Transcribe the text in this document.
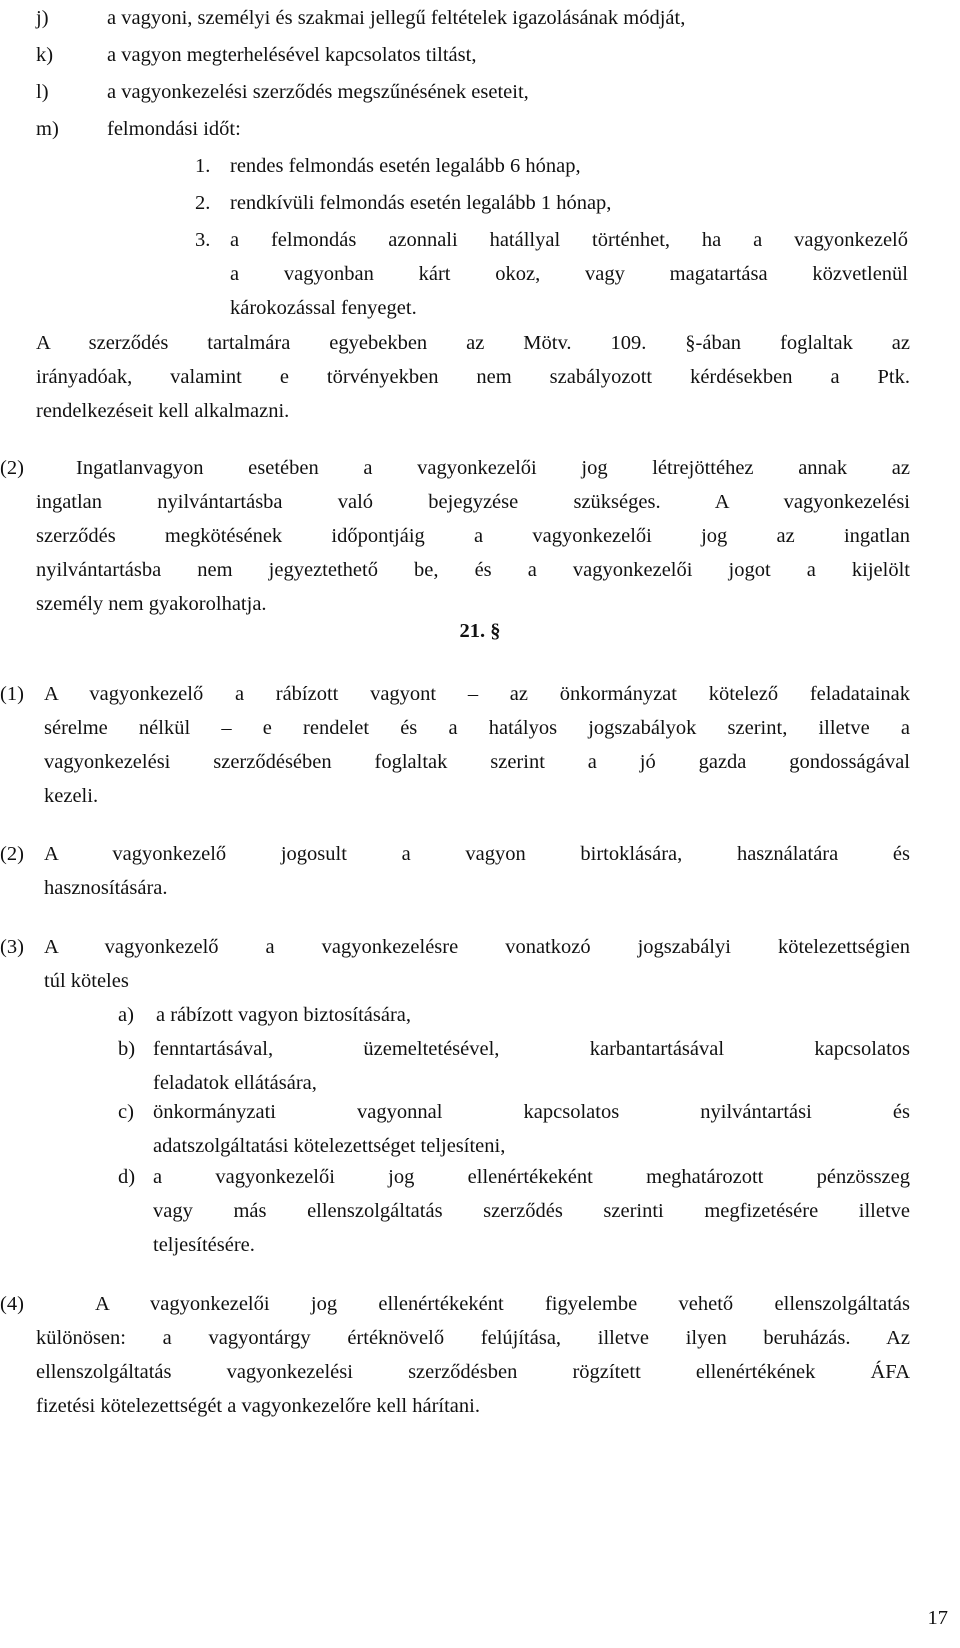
j)	a vagyoni, személyi és szakmai jellegű feltételek igazolásának módját,
k)	a vagyon megterhelésével kapcsolatos tiltást,
l)	a vagyonkezelési szerződés megszűnésének eseteit,
m) felmondási időt:
1. rendes felmondás esetén legalább 6 hónap,
2. rendkívüli felmondás esetén legalább 1 hónap,
3. a felmondás azonnali hatállyal történhet, ha a vagyonkezelő
a vagyonban kárt okoz, vagy magatartása közvetlenül
károkozással fenyeget.
A szerződés tartalmára egyebekben az Mötv. 109. §-ában foglaltak az
irányadóak, valamint e törvényekben nem szabályozott kérdésekben a Ptk.
rendelkezéseit kell alkalmazni.
(2)	Ingatlanvagyon esetében a vagyonkezelői jog létrejöttéhez annak az
ingatlan nyilvántartásba való bejegyzése szükséges. A vagyonkezelési
szerződés megkötésének időpontjáig a vagyonkezelői jog az ingatlan
nyilvántartásba nem jegyeztethető be, és a vagyonkezelői jogot a kijelölt
személy nem gyakorolhatja.
21. §
(1) A vagyonkezelő a rábízott vagyont – az önkormányzat kötelező feladatainak
sérelme nélkül – e rendelet és a hatályos jogszabályok szerint, illetve a
vagyonkezelési szerződésében foglaltak szerint a jó gazda gondosságával
kezeli.
(2) A vagyonkezelő jogosult a vagyon birtoklására, használatára és
hasznosítására.
(3) A vagyonkezelő a vagyonkezelésre vonatkozó jogszabályi kötelezettségien
túl köteles
a) a rábízott vagyon biztosítására,
b) fenntartásával, üzemeltetésével, karbantartásával kapcsolatos
feladatok ellátására,
c) önkormányzati vagyonnal kapcsolatos nyilvántartási és
adatszolgáltatási kötelezettséget teljesíteni,
d) a vagyonkezelői jog ellenértékeként meghatározott pénzösszeg
vagy más ellenszolgáltatás szerződés szerinti megfizetésére illetve
teljesítésére.
(4)	A vagyonkezelői jog ellenértékeként figyelembe vehető ellenszolgáltatás
különösen: a vagyontárgy értéknövelő felújítása, illetve ilyen beruházás. Az
ellenszolgáltatás vagyonkezelési szerződésben rögzített ellenértékének ÁFA
fizetési kötelezettségét a vagyonkezelőre kell hárítani.
17
